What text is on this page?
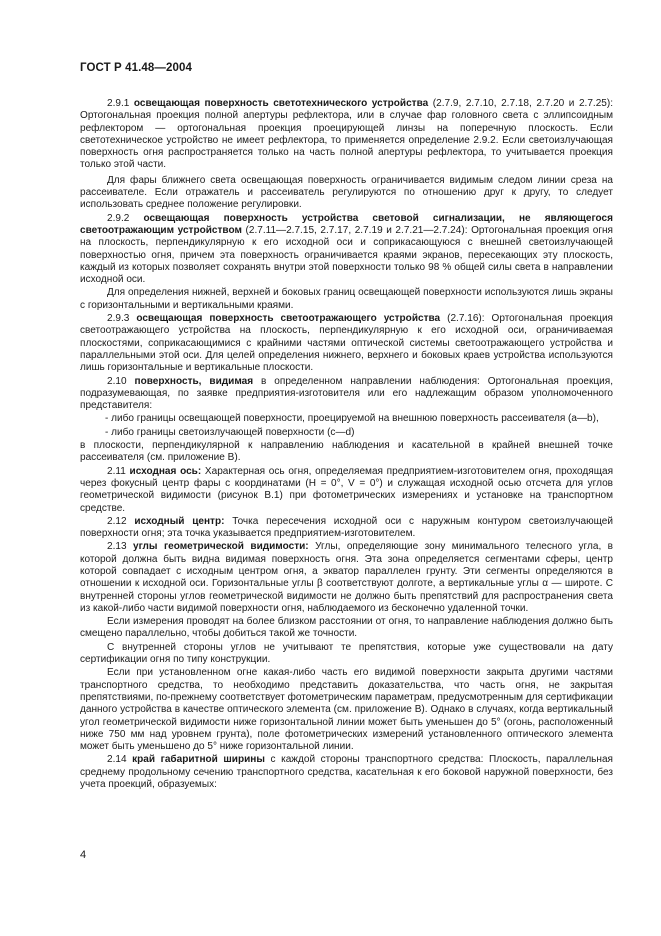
ГОСТ Р 41.48—2004

2.9.1 освещающая поверхность светотехнического устройства (2.7.9, 2.7.10, 2.7.18, 2.7.20 и 2.7.25): Ортогональная проекция полной апертуры рефлектора, или в случае фар головного света с эллипсоидным рефлектором — ортогональная проекция проецирующей линзы на поперечную плоскость. Если светотехническое устройство не имеет рефлектора, то применяется определение 2.9.2. Если светоизлучающая поверхность огня распространяется только на часть полной апертуры рефлектора, то учитывается проекция только этой части.

Для фары ближнего света освещающая поверхность ограничивается видимым следом линии среза на рассеивателе. Если отражатель и рассеиватель регулируются по отношению друг к другу, то следует использовать среднее положение регулировки.

2.9.2 освещающая поверхность устройства световой сигнализации, не являющегося светоотражающим устройством (2.7.11—2.7.15, 2.7.17, 2.7.19 и 2.7.21—2.7.24): Ортогональная проекция огня на плоскость, перпендикулярную к его исходной оси и соприкасающуюся с внешней светоизлучающей поверхностью огня, причем эта поверхность ограничивается краями экранов, пересекающих эту плоскость, каждый из которых позволяет сохранять внутри этой поверхности только 98 % общей силы света в направлении исходной оси.

Для определения нижней, верхней и боковых границ освещающей поверхности используются лишь экраны с горизонтальными и вертикальными краями.

2.9.3 освещающая поверхность светоотражающего устройства (2.7.16): Ортогональная проекция светоотражающего устройства на плоскость, перпендикулярную к его исходной оси, ограничиваемая плоскостями, соприкасающимися с крайними частями оптической системы светоотражающего устройства и параллельными этой оси. Для целей определения нижнего, верхнего и боковых краев устройства используются лишь горизонтальные и вертикальные плоскости.

2.10 поверхность, видимая в определенном направлении наблюдения: Ортогональная проекция, подразумевающая, по заявке предприятия-изготовителя или его надлежащим образом уполномоченного представителя:

- либо границы освещающей поверхности, проецируемой на внешнюю поверхность рассеивателя (a—b),

- либо границы светоизлучающей поверхности (c—d)

в плоскости, перпендикулярной к направлению наблюдения и касательной в крайней внешней точке рассеивателя (см. приложение В).

2.11 исходная ось: Характерная ось огня, определяемая предприятием-изготовителем огня, проходящая через фокусный центр фары с координатами (H = 0°, V = 0°) и служащая исходной осью отсчета для углов геометрической видимости (рисунок В.1) при фотометрических измерениях и установке на транспортном средстве.

2.12 исходный центр: Точка пересечения исходной оси с наружным контуром светоизлучающей поверхности огня; эта точка указывается предприятием-изготовителем.

2.13 углы геометрической видимости: Углы, определяющие зону минимального телесного угла, в которой должна быть видна видимая поверхность огня. Эта зона определяется сегментами сферы, центр которой совпадает с исходным центром огня, а экватор параллелен грунту. Эти сегменты определяются в отношении к исходной оси. Горизонтальные углы β соответствуют долготе, а вертикальные углы α — широте. С внутренней стороны углов геометрической видимости не должно быть препятствий для распространения света из какой-либо части видимой поверхности огня, наблюдаемого из бесконечно удаленной точки.

Если измерения проводят на более близком расстоянии от огня, то направление наблюдения должно быть смещено параллельно, чтобы добиться такой же точности.

С внутренней стороны углов не учитывают те препятствия, которые уже существовали на дату сертификации огня по типу конструкции.

Если при установленном огне какая-либо часть его видимой поверхности закрыта другими частями транспортного средства, то необходимо представить доказательства, что часть огня, не закрытая препятствиями, по-прежнему соответствует фотометрическим параметрам, предусмотренным для сертификации данного устройства в качестве оптического элемента (см. приложение В). Однако в случаях, когда вертикальный угол геометрической видимости ниже горизонтальной линии может быть уменьшен до 5° (огонь, расположенный ниже 750 мм над уровнем грунта), поле фотометрических измерений установленного оптического элемента может быть уменьшено до 5° ниже горизонтальной линии.

2.14 край габаритной ширины с каждой стороны транспортного средства: Плоскость, параллельная среднему продольному сечению транспортного средства, касательная к его боковой наружной поверхности, без учета проекций, образуемых:

4
